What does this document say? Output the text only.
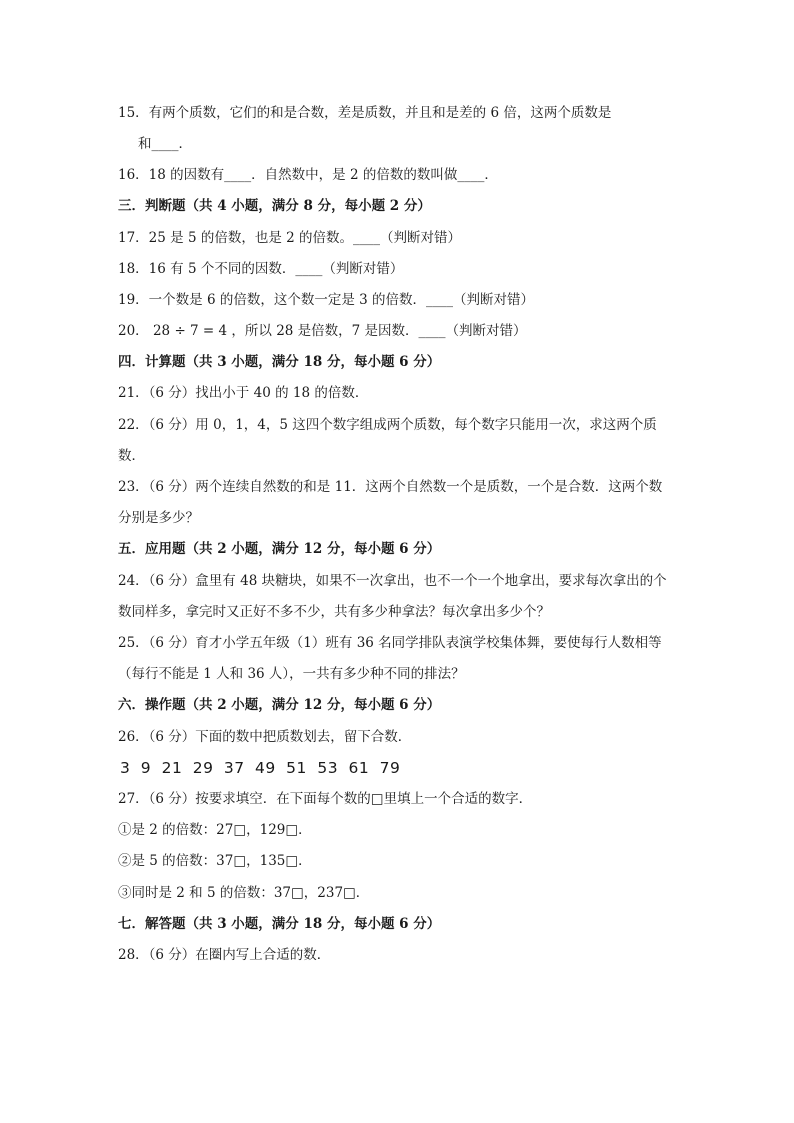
15．有两个质数，它们的和是合数，差是质数，并且和是差的 6 倍，这两个质数是
和____．
16．18 的因数有____．自然数中，是 2 的倍数的数叫做____．
三．判断题（共 4 小题，满分 8 分，每小题 2 分）
17．25 是 5 的倍数，也是 2 的倍数。____（判断对错）
18．16 有 5 个不同的因数．____（判断对错）
19．一个数是 6 的倍数，这个数一定是 3 的倍数．____（判断对错）
20． 28 ÷ 7 = 4 ，所以 28 是倍数，7 是因数．____（判断对错）
四．计算题（共 3 小题，满分 18 分，每小题 6 分）
21．（6 分）找出小于 40 的 18 的倍数．
22．（6 分）用 0，1，4，5 这四个数字组成两个质数，每个数字只能用一次，求这两个质
数．
23．（6 分）两个连续自然数的和是 11．这两个自然数一个是质数，一个是合数．这两个数
分别是多少？
五．应用题（共 2 小题，满分 12 分，每小题 6 分）
24．（6 分）盒里有 48 块糖块，如果不一次拿出，也不一个一个地拿出，要求每次拿出的个
数同样多，拿完时又正好不多不少，共有多少种拿法？每次拿出多少个？
25．（6 分）育才小学五年级（1）班有 36 名同学排队表演学校集体舞，要使每行人数相等
（每行不能是 1 人和 36 人），一共有多少种不同的排法？
六．操作题（共 2 小题，满分 12 分，每小题 6 分）
26．（6 分）下面的数中把质数划去，留下合数．
3 9 21 29 37 49 51 53 61 79
27．（6 分）按要求填空．在下面每个数的□里填上一个合适的数字．
①是 2 的倍数：27□，129□．
②是 5 的倍数：37□，135□．
③同时是 2 和 5 的倍数：37□，237□．
七．解答题（共 3 小题，满分 18 分，每小题 6 分）
28．（6 分）在圈内写上合适的数．
